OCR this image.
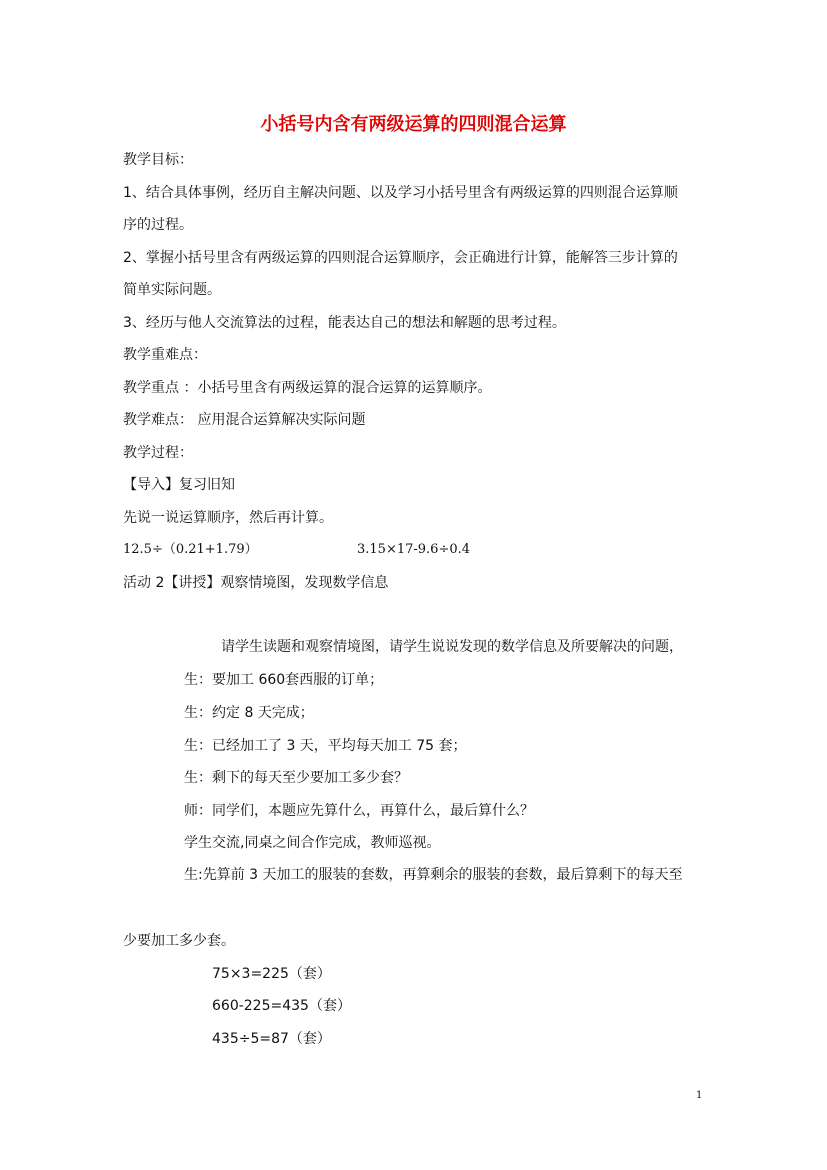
小括号内含有两级运算的四则混合运算
教学目标：
1、结合具体事例，经历自主解决问题、以及学习小括号里含有两级运算的四则混合运算顺
序的过程。
2、掌握小括号里含有两级运算的四则混合运算顺序，会正确进行计算，能解答三步计算的
简单实际问题。
3、经历与他人交流算法的过程，能表达自己的想法和解题的思考过程。
教学重难点：
教学重点 ：小括号里含有两级运算的混合运算的运算顺序。
教学难点： 应用混合运算解决实际问题
教学过程：
【导入】复习旧知
先说一说运算顺序，然后再计算。
12.5÷（0.21+1.79）	3.15×17-9.6÷0.4
活动 2【讲授】观察情境图，发现数学信息
请学生读题和观察情境图，请学生说说发现的数学信息及所要解决的问题，
生：要加工 660套西服的订单；
生：约定 8 天完成；
生：已经加工了 3 天，平均每天加工 75 套；
生：剩下的每天至少要加工多少套？
师：同学们，本题应先算什么，再算什么，最后算什么？
学生交流,同桌之间合作完成，教师巡视。
生:先算前 3 天加工的服装的套数，再算剩余的服装的套数，最后算剩下的每天至
少要加工多少套。
75×3=225（套）
660-225=435（套）
435÷5=87（套）
1
